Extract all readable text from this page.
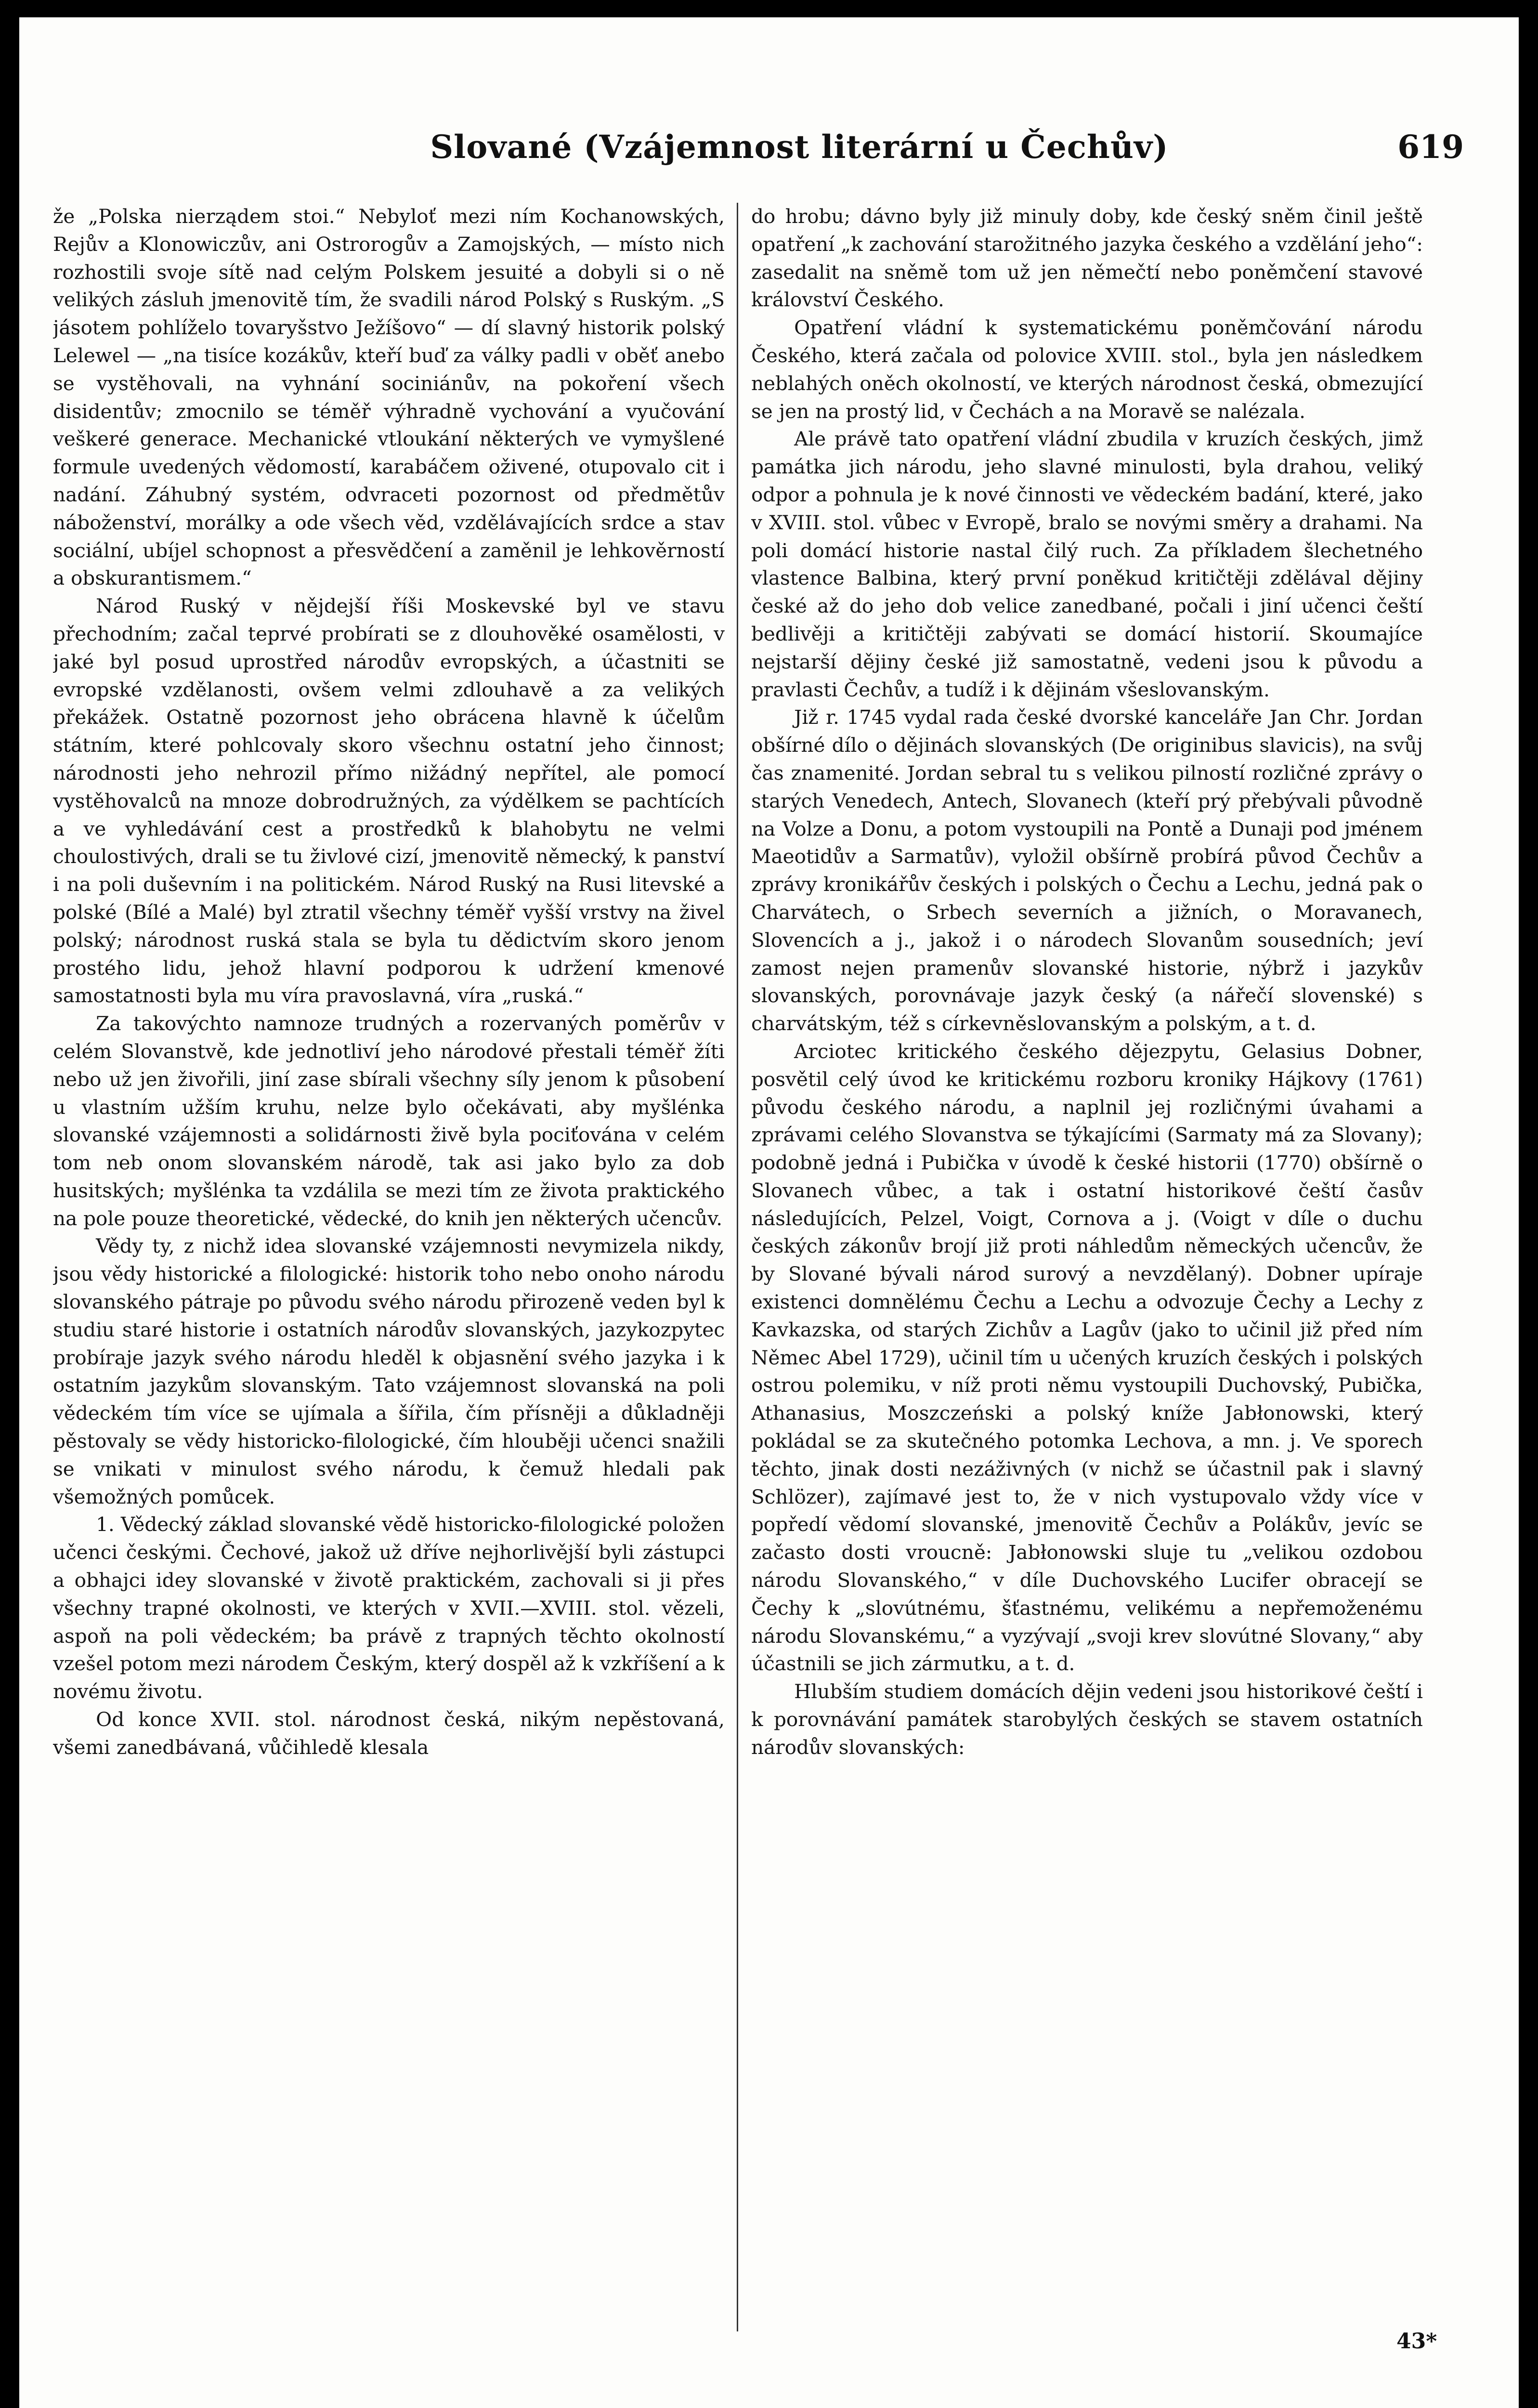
Slované (Vzájemnost literární u Čechův)	619

že „Polska nierządem stoi.“ Nebyloť mezi ním Kochanowských, Rejův a Klonowiczův, ani Ostrorogův a Zamojských, — místo nich rozhostili svoje sítě nad celým Polskem jesuité a dobyli si o ně velikých zásluh jmenovitě tím, že svadili národ Polský s Ruským. „S jásotem pohlíželo tovaryšstvo Ježíšovo“ — dí slavný historik polský Lelewel — „na tisíce kozákův, kteří buď za války padli v oběť anebo se vystěhovali, na vyhnání sociniánův, na pokoření všech disidentův; zmocnilo se téměř výhradně vychování a vyučování veškeré generace. Mechanické vtloukání některých ve vymyšlené formule uvedených vědomostí, karabáčem oživené, otupovalo cit i nadání. Záhubný systém, odvraceti pozornost od předmětův náboženství, morálky a ode všech věd, vzdělávajících srdce a stav sociální, ubíjel schopnost a přesvědčení a zaměnil je lehkověrností a obskurantismem.“

Národ Ruský v nějdejší říši Moskevské byl ve stavu přechodním; začal teprvé probírati se z dlouhověké osamělosti, v jaké byl posud uprostřed národův evropských, a účastniti se evropské vzdělanosti, ovšem velmi zdlouhavě a za velikých překážek. Ostatně pozornost jeho obrácena hlavně k účelům státním, které pohlcovaly skoro všechnu ostatní jeho činnost; národnosti jeho nehrozil přímo nižádný nepřítel, ale pomocí vystěhovalců na mnoze dobrodružných, za výdělkem se pachtících a ve vyhledávání cest a prostředků k blahobytu ne velmi choulostivých, drali se tu živlové cizí, jmenovitě německý, k panství i na poli duševním i na politickém. Národ Ruský na Rusi litevské a polské (Bílé a Malé) byl ztratil všechny téměř vyšší vrstvy na živel polský; národnost ruská stala se byla tu dědictvím skoro jenom prostého lidu, jehož hlavní podporou k udržení kmenové samostatnosti byla mu víra pravoslavná, víra „ruská.“

Za takovýchto namnoze trudných a rozervaných poměrův v celém Slovanstvě, kde jednotliví jeho národové přestali téměř žíti nebo už jen živořili, jiní zase sbírali všechny síly jenom k působení u vlastním užším kruhu, nelze bylo očekávati, aby myšlénka slovanské vzájemnosti a solidárnosti živě byla pociťována v celém tom neb onom slovanském národě, tak asi jako bylo za dob husitských; myšlénka ta vzdálila se mezi tím ze života praktického na pole pouze theoretické, vědecké, do knih jen některých učencův.

Vědy ty, z nichž idea slovanské vzájemnosti nevymizela nikdy, jsou vědy historické a filologické: historik toho nebo onoho národu slovanského pátraje po původu svého národu přirozeně veden byl k studiu staré historie i ostatních národův slovanských, jazykozpytec probíraje jazyk svého národu hleděl k objasnění svého jazyka i k ostatním jazykům slovanským. Tato vzájemnost slovanská na poli vědeckém tím více se ujímala a šířila, čím přísněji a důkladněji pěstovaly se vědy historicko-filologické, čím hlouběji učenci snažili se vnikati v minulost svého národu, k čemuž hledali pak všemožných pomůcek.

1. Vědecký základ slovanské vědě historicko-filologické položen učenci českými. Čechové, jakož už dříve nejhorlivější byli zástupci a obhajci idey slovanské v životě praktickém, zachovali si ji přes všechny trapné okolnosti, ve kterých v XVII.—XVIII. stol. vězeli, aspoň na poli vědeckém; ba právě z trapných těchto okolností vzešel potom mezi národem Českým, který dospěl až k vzkříšení a k novému životu.

Od konce XVII. stol. národnost česká, nikým nepěstovaná, všemi zanedbávaná, vůčihledě klesala

do hrobu; dávno byly již minuly doby, kde český sněm činil ještě opatření „k zachování starožitného jazyka českého a vzdělání jeho“: zasedalit na sněmě tom už jen němečtí nebo poněmčení stavové království Českého.

Opatření vládní k systematickému poněmčování národu Českého, která začala od polovice XVIII. stol., byla jen následkem neblahých oněch okolností, ve kterých národnost česká, obmezující se jen na prostý lid, v Čechách a na Moravě se nalézala.

Ale právě tato opatření vládní zbudila v kruzích českých, jimž památka jich národu, jeho slavné minulosti, byla drahou, veliký odpor a pohnula je k nové činnosti ve vědeckém badání, které, jako v XVIII. stol. vůbec v Evropě, bralo se novými směry a drahami. Na poli domácí historie nastal čilý ruch. Za příkladem šlechetného vlastence Balbina, který první poněkud kritičtěji zdělával dějiny české až do jeho dob velice zanedbané, počali i jiní učenci čeští bedlivěji a kritičtěji zabývati se domácí historií. Skoumajíce nejstarší dějiny české již samostatně, vedeni jsou k původu a pravlasti Čechův, a tudíž i k dějinám všeslovanským.

Již r. 1745 vydal rada české dvorské kanceláře Jan Chr. Jordan obšírné dílo o dějinách slovanských (De originibus slavicis), na svůj čas znamenité. Jordan sebral tu s velikou pilností rozličné zprávy o starých Venedech, Antech, Slovanech (kteří prý přebývali původně na Volze a Donu, a potom vystoupili na Pontě a Dunaji pod jménem Maeotidův a Sarmatův), vyložil obšírně probírá původ Čechův a zprávy kronikářův českých i polských o Čechu a Lechu, jedná pak o Charvátech, o Srbech severních a jižních, o Moravanech, Slovencích a j., jakož i o národech Slovanům sousedních; jeví zamost nejen pramenův slovanské historie, nýbrž i jazykův slovanských, porovnávaje jazyk český (a nářečí slovenské) s charvátským, též s církevněslovanským a polským, a t. d.

Arciotec kritického českého dějezpytu, Gelasius Dobner, posvětil celý úvod ke kritickému rozboru kroniky Hájkovy (1761) původu českého národu, a naplnil jej rozličnými úvahami a zprávami celého Slovanstva se týkajícími (Sarmaty má za Slovany); podobně jedná i Pubička v úvodě k české historii (1770) obšírně o Slovanech vůbec, a tak i ostatní historikové čeští časův následujících, Pelzel, Voigt, Cornova a j. (Voigt v díle o duchu českých zákonův brojí již proti náhledům německých učencův, že by Slované bývali národ surový a nevzdělaný). Dobner upíraje existenci domnělému Čechu a Lechu a odvozuje Čechy a Lechy z Kavkazska, od starých Zichův a Lagův (jako to učinil již před ním Němec Abel 1729), učinil tím u učených kruzích českých i polských ostrou polemiku, v níž proti němu vystoupili Duchovský, Pubička, Athanasius, Moszczeński a polský kníže Jabłonowski, který pokládal se za skutečného potomka Lechova, a mn. j. Ve sporech těchto, jinak dosti nezáživných (v nichž se účastnil pak i slavný Schlözer), zajímavé jest to, že v nich vystupovalo vždy více v popředí vědomí slovanské, jmenovitě Čechův a Polákův, jevíc se začasto dosti vroucně: Jabłonowski sluje tu „velikou ozdobou národu Slovanského,“ v díle Duchovského Lucifer obracejí se Čechy k „slovútnému, šťastnému, velikému a nepřemoženému národu Slovanskému,“ a vyzývají „svoji krev slovútné Slovany,“ aby účastnili se jich zármutku, a t. d.

Hlubším studiem domácích dějin vedeni jsou historikové čeští i k porovnávání památek starobylých českých se stavem ostatních národův slovanských:

43*
